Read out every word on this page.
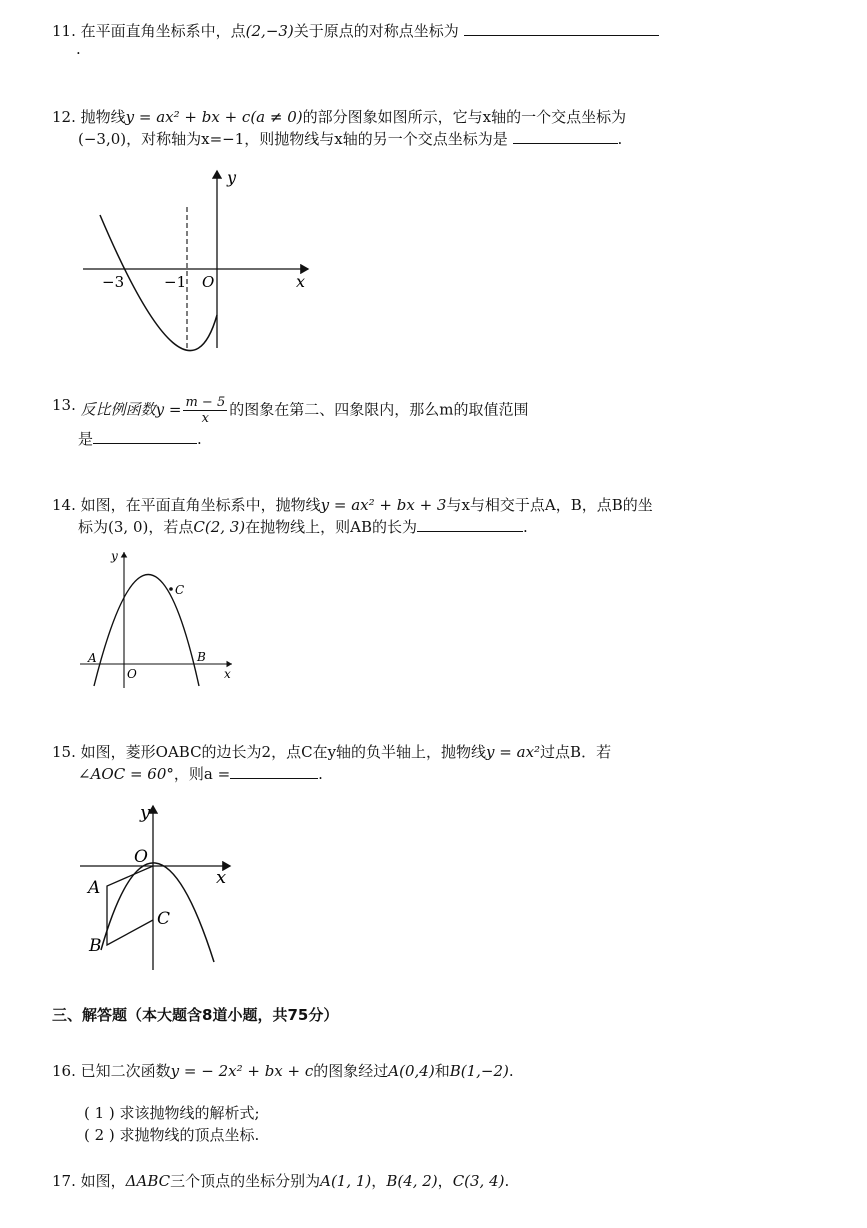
11. 在平面直角坐标系中，点(2,−3)关于原点的对称点坐标为
.
12. 抛物线y = ax² + bx + c(a ≠ 0)的部分图象如图所示，它与x轴的一个交点坐标为
(−3,0)，对称轴为x=−1，则抛物线与x轴的另一个交点坐标为是	.
y
x
O
−3	−1
13. 反比例函数$y = \frac{m - 5}{x}$ 的图象在第二、四象限内，那么m的取值范围
是	.
14. 如图，在平面直角坐标系中，抛物线y = ax² + bx + 3与x与相交于点A，B，点B的坐
标为(3, 0)，若点C(2, 3)在抛物线上，则AB的长为	.
y
x
O
A	B
C
15. 如图，菱形OABC的边长为2，点C在y轴的负半轴上，抛物线y = ax²过点B．若
∠AOC = 60°，则a =	.
y
x
O
A
B
C
三、解答题（本大题含8道小题，共75分）
16. 已知二次函数y = − 2x² + bx + c的图象经过A(0,4)和B(1,−2).
( 1 ) 求该抛物线的解析式;
( 2 ) 求抛物线的顶点坐标.
17. 如图，ΔABC三个顶点的坐标分别为A(1, 1)，B(4, 2)，C(3, 4).
